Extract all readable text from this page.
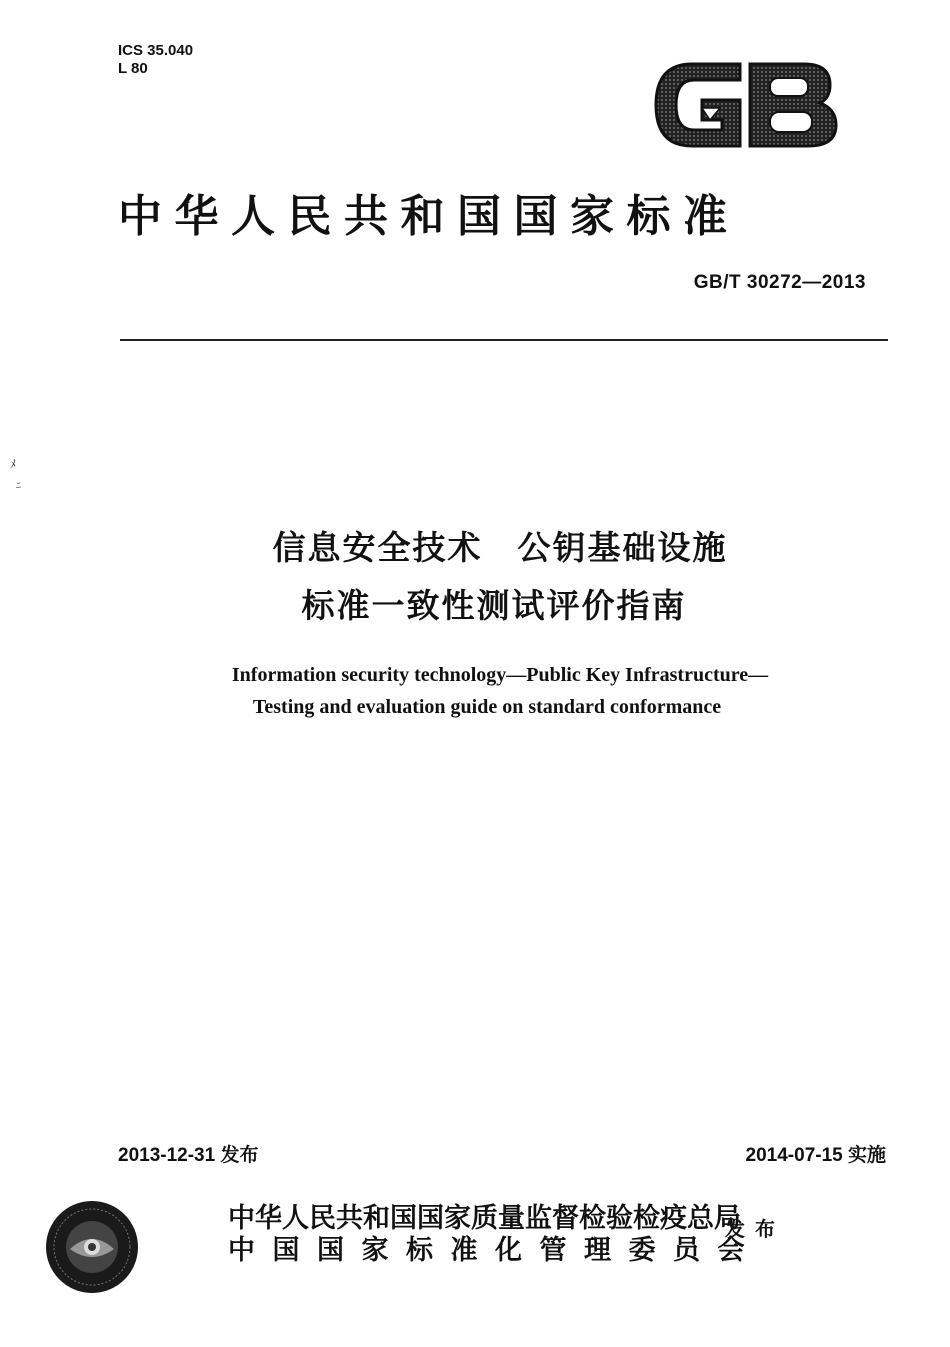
ICS 35.040
L 80
GB
中华人民共和国国家标准
GB/T 30272—2013
ﾒ
ﾆ
信息安全技术　公钥基础设施
标准一致性测试评价指南
Information security technology—Public Key Infrastructure—
Testing and evaluation guide on standard conformance
2013-12-31 发布	2014-07-15 实施
中华人民共和国国家质量监督检验检疫总局
中国国家标准化管理委员会
发布
